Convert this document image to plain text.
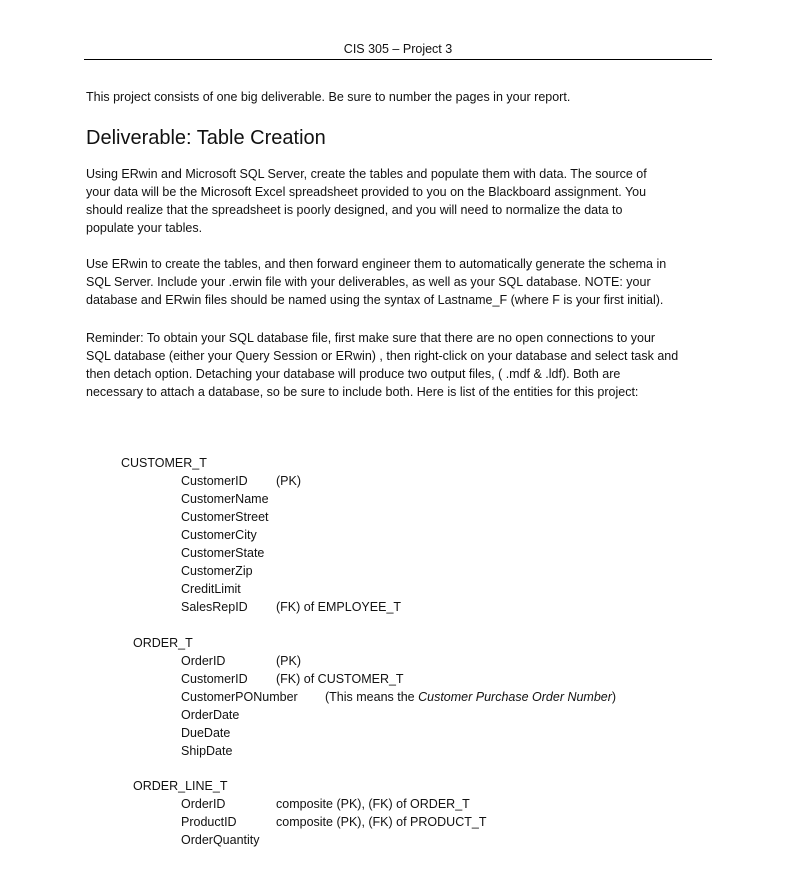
CIS 305 – Project 3
This project consists of one big deliverable. Be sure to number the pages in your report.
Deliverable: Table Creation
Using ERwin and Microsoft SQL Server, create the tables and populate them with data. The source of
your data will be the Microsoft Excel spreadsheet provided to you on the Blackboard assignment. You
should realize that the spreadsheet is poorly designed, and you will need to normalize the data to
populate your tables.
Use ERwin to create the tables, and then forward engineer them to automatically generate the schema in
SQL Server. Include your .erwin file with your deliverables, as well as your SQL database. NOTE: your
database and ERwin files should be named using the syntax of Lastname_F (where F is your first initial).
Reminder: To obtain your SQL database file, first make sure that there are no open connections to your
SQL database (either your Query Session or ERwin) , then right-click on your database and select task and
then detach option. Detaching your database will produce two output files, ( .mdf & .ldf). Both are
necessary to attach a database, so be sure to include both. Here is list of the entities for this project:
CUSTOMER_T
CustomerID (PK)
CustomerName
CustomerStreet
CustomerCity
CustomerState
CustomerZip
CreditLimit
SalesRepID (FK) of EMPLOYEE_T
ORDER_T
OrderID	(PK)
CustomerID (FK) of CUSTOMER_T
CustomerPONumber (This means the Customer Purchase Order Number)
OrderDate
DueDate
ShipDate
ORDER_LINE_T
OrderID	composite (PK), (FK) of ORDER_T
ProductID	composite (PK), (FK) of PRODUCT_T
OrderQuantity
